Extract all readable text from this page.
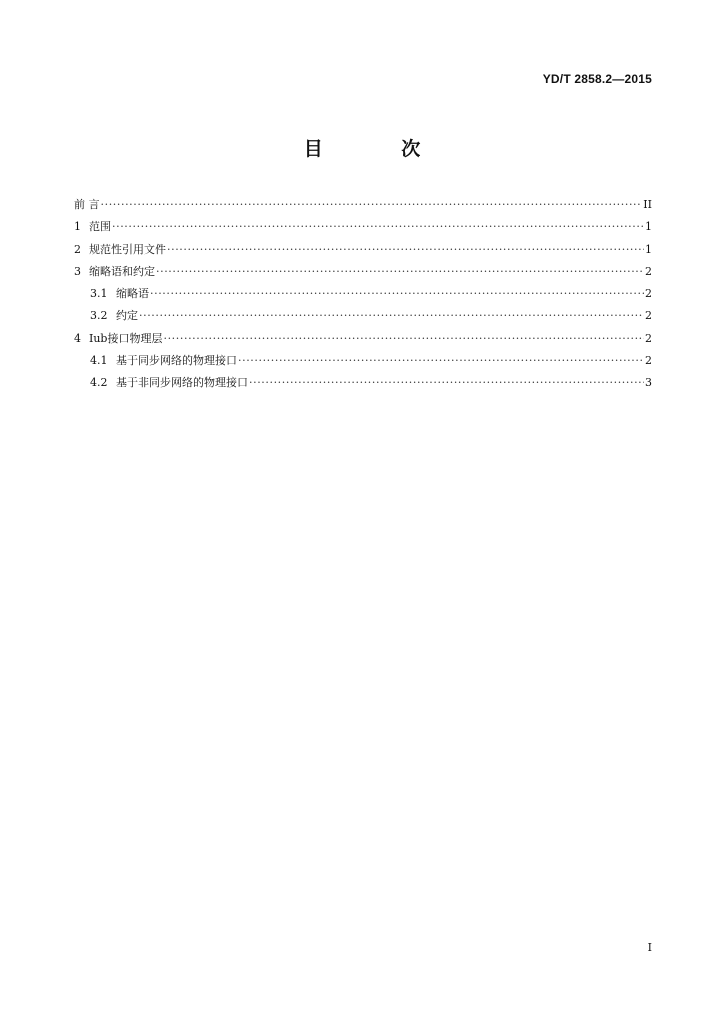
YD/T 2858.2—2015
目 次
前 言 ·····	II
1 范围 ·····	1
2 规范性引用文件 ·····	1
3 缩略语和约定 ·····	2
3.1 缩略语 ·····	2
3.2 约定 ·····	2
4 Iub接口物理层 ·····	2
4.1 基于同步网络的物理接口 ·····	2
4.2 基于非同步网络的物理接口 ·····	3
I
